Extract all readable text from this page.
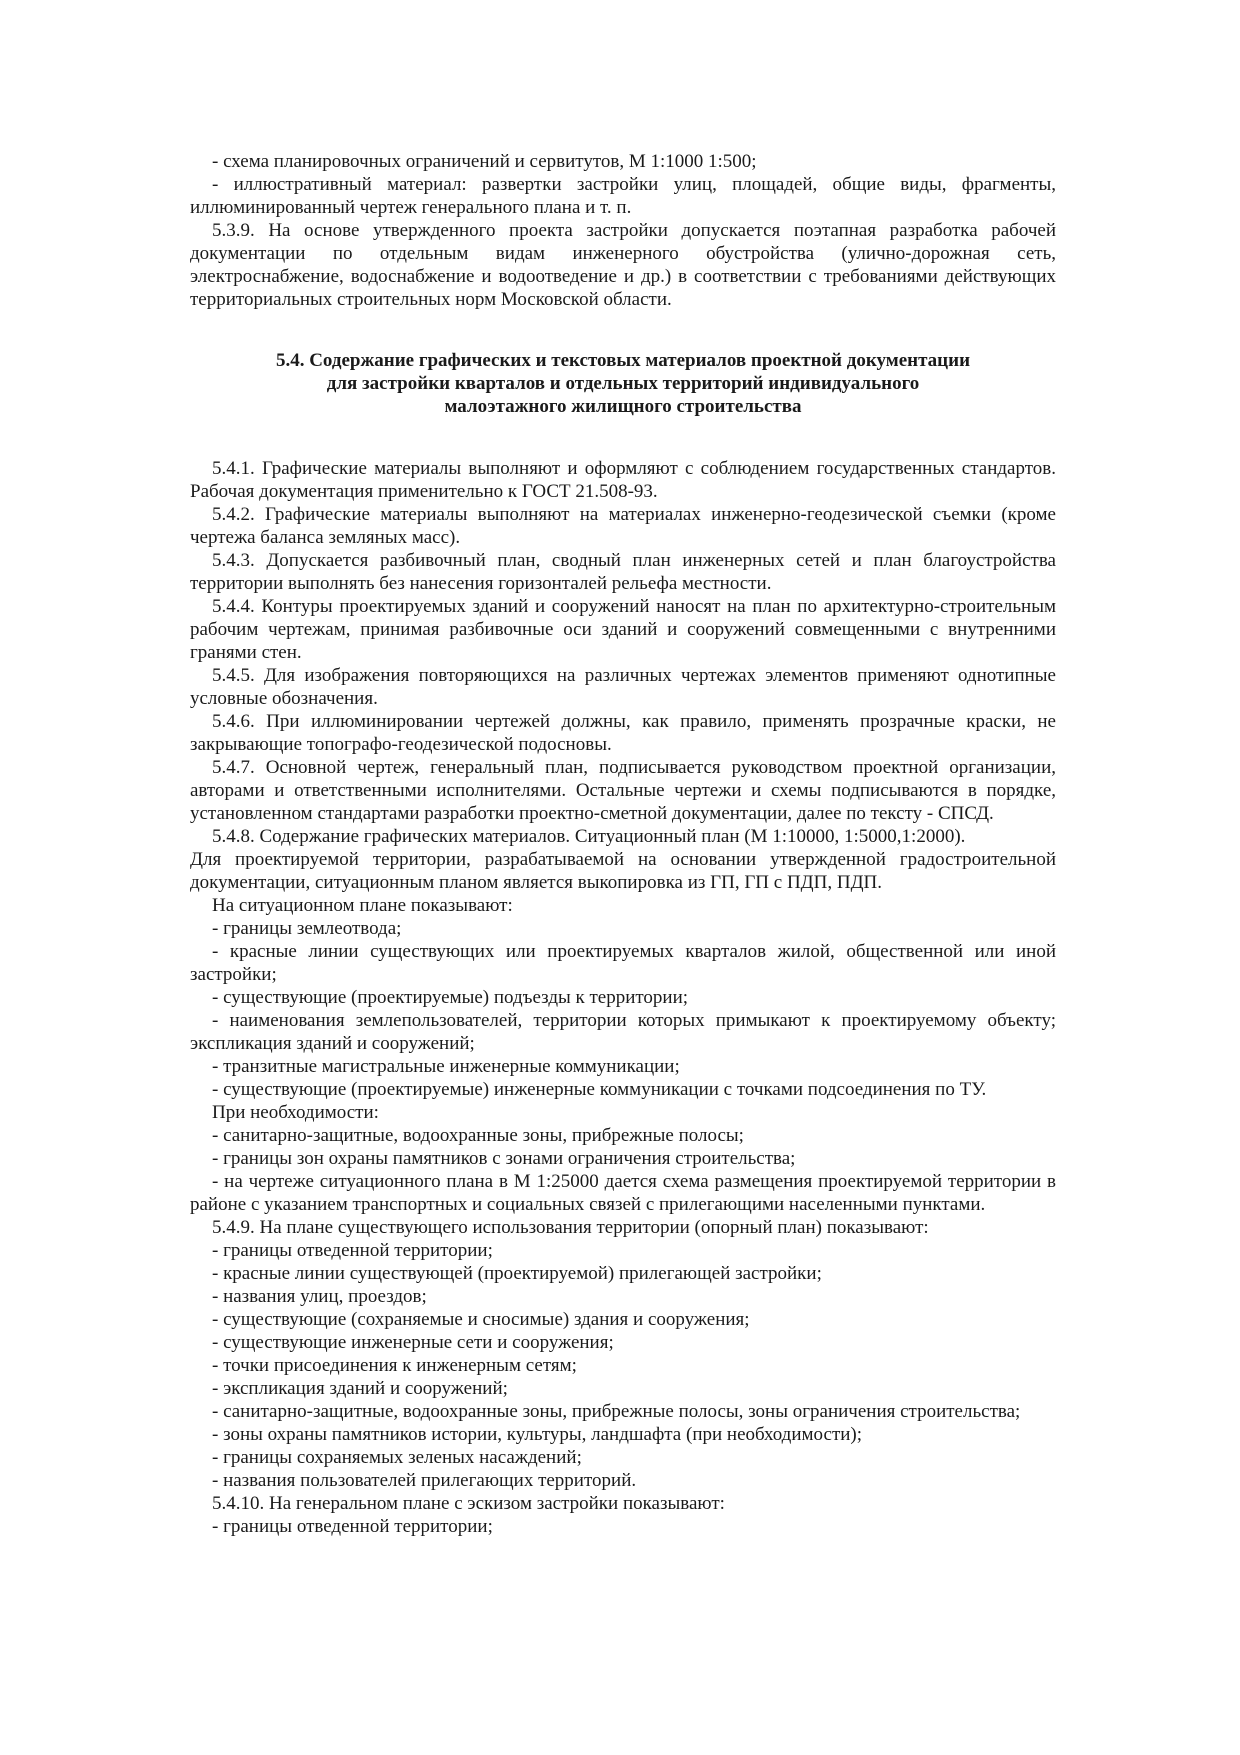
- схема планировочных ограничений и сервитутов, М 1:1000 1:500;

- иллюстративный материал: развертки застройки улиц, площадей, общие виды, фрагменты, иллюминированный чертеж генерального плана и т. п.

5.3.9. На основе утвержденного проекта застройки допускается поэтапная разработка рабочей документации по отдельным видам инженерного обустройства (улично-дорожная сеть, электроснабжение, водоснабжение и водоотведение и др.) в соответствии с требованиями действующих территориальных строительных норм Московской области.

5.4. Содержание графических и текстовых материалов проектной документации
для застройки кварталов и отдельных территорий индивидуального
малоэтажного жилищного строительства

5.4.1. Графические материалы выполняют и оформляют с соблюдением государственных стандартов. Рабочая документация применительно к ГОСТ 21.508-93.

5.4.2. Графические материалы выполняют на материалах инженерно-геодезической съемки (кроме чертежа баланса земляных масс).

5.4.3. Допускается разбивочный план, сводный план инженерных сетей и план благоустройства территории выполнять без нанесения горизонталей рельефа местности.

5.4.4. Контуры проектируемых зданий и сооружений наносят на план по архитектурно-строительным рабочим чертежам, принимая разбивочные оси зданий и сооружений совмещенными с внутренними гранями стен.

5.4.5. Для изображения повторяющихся на различных чертежах элементов применяют однотипные условные обозначения.

5.4.6. При иллюминировании чертежей должны, как правило, применять прозрачные краски, не закрывающие топографо-геодезической подосновы.

5.4.7. Основной чертеж, генеральный план, подписывается руководством проектной организации, авторами и ответственными исполнителями. Остальные чертежи и схемы подписываются в порядке, установленном стандартами разработки проектно-сметной документации, далее по тексту - СПСД.

5.4.8. Содержание графических материалов. Ситуационный план (М 1:10000, 1:5000,1:2000).

Для проектируемой территории, разрабатываемой на основании утвержденной градостроительной документации, ситуационным планом является выкопировка из ГП, ГП с ПДП, ПДП.

На ситуационном плане показывают:

- границы землеотвода;

- красные линии существующих или проектируемых кварталов жилой, общественной или иной застройки;

- существующие (проектируемые) подъезды к территории;

- наименования землепользователей, территории которых примыкают к проектируемому объекту; экспликация зданий и сооружений;

- транзитные магистральные инженерные коммуникации;

- существующие (проектируемые) инженерные коммуникации с точками подсоединения по ТУ.

При необходимости:

- санитарно-защитные, водоохранные зоны, прибрежные полосы;

- границы зон охраны памятников с зонами ограничения строительства;

- на чертеже ситуационного плана в М 1:25000 дается схема размещения проектируемой территории в районе с указанием транспортных и социальных связей с прилегающими населенными пунктами.

5.4.9. На плане существующего использования территории (опорный план) показывают:

- границы отведенной территории;

- красные линии существующей (проектируемой) прилегающей застройки;

- названия улиц, проездов;

- существующие (сохраняемые и сносимые) здания и сооружения;

- существующие инженерные сети и сооружения;

- точки присоединения к инженерным сетям;

- экспликация зданий и сооружений;

- санитарно-защитные, водоохранные зоны, прибрежные полосы, зоны ограничения строительства;

- зоны охраны памятников истории, культуры, ландшафта (при необходимости);

- границы сохраняемых зеленых насаждений;

- названия пользователей прилегающих территорий.

5.4.10. На генеральном плане с эскизом застройки показывают:

- границы отведенной территории;
